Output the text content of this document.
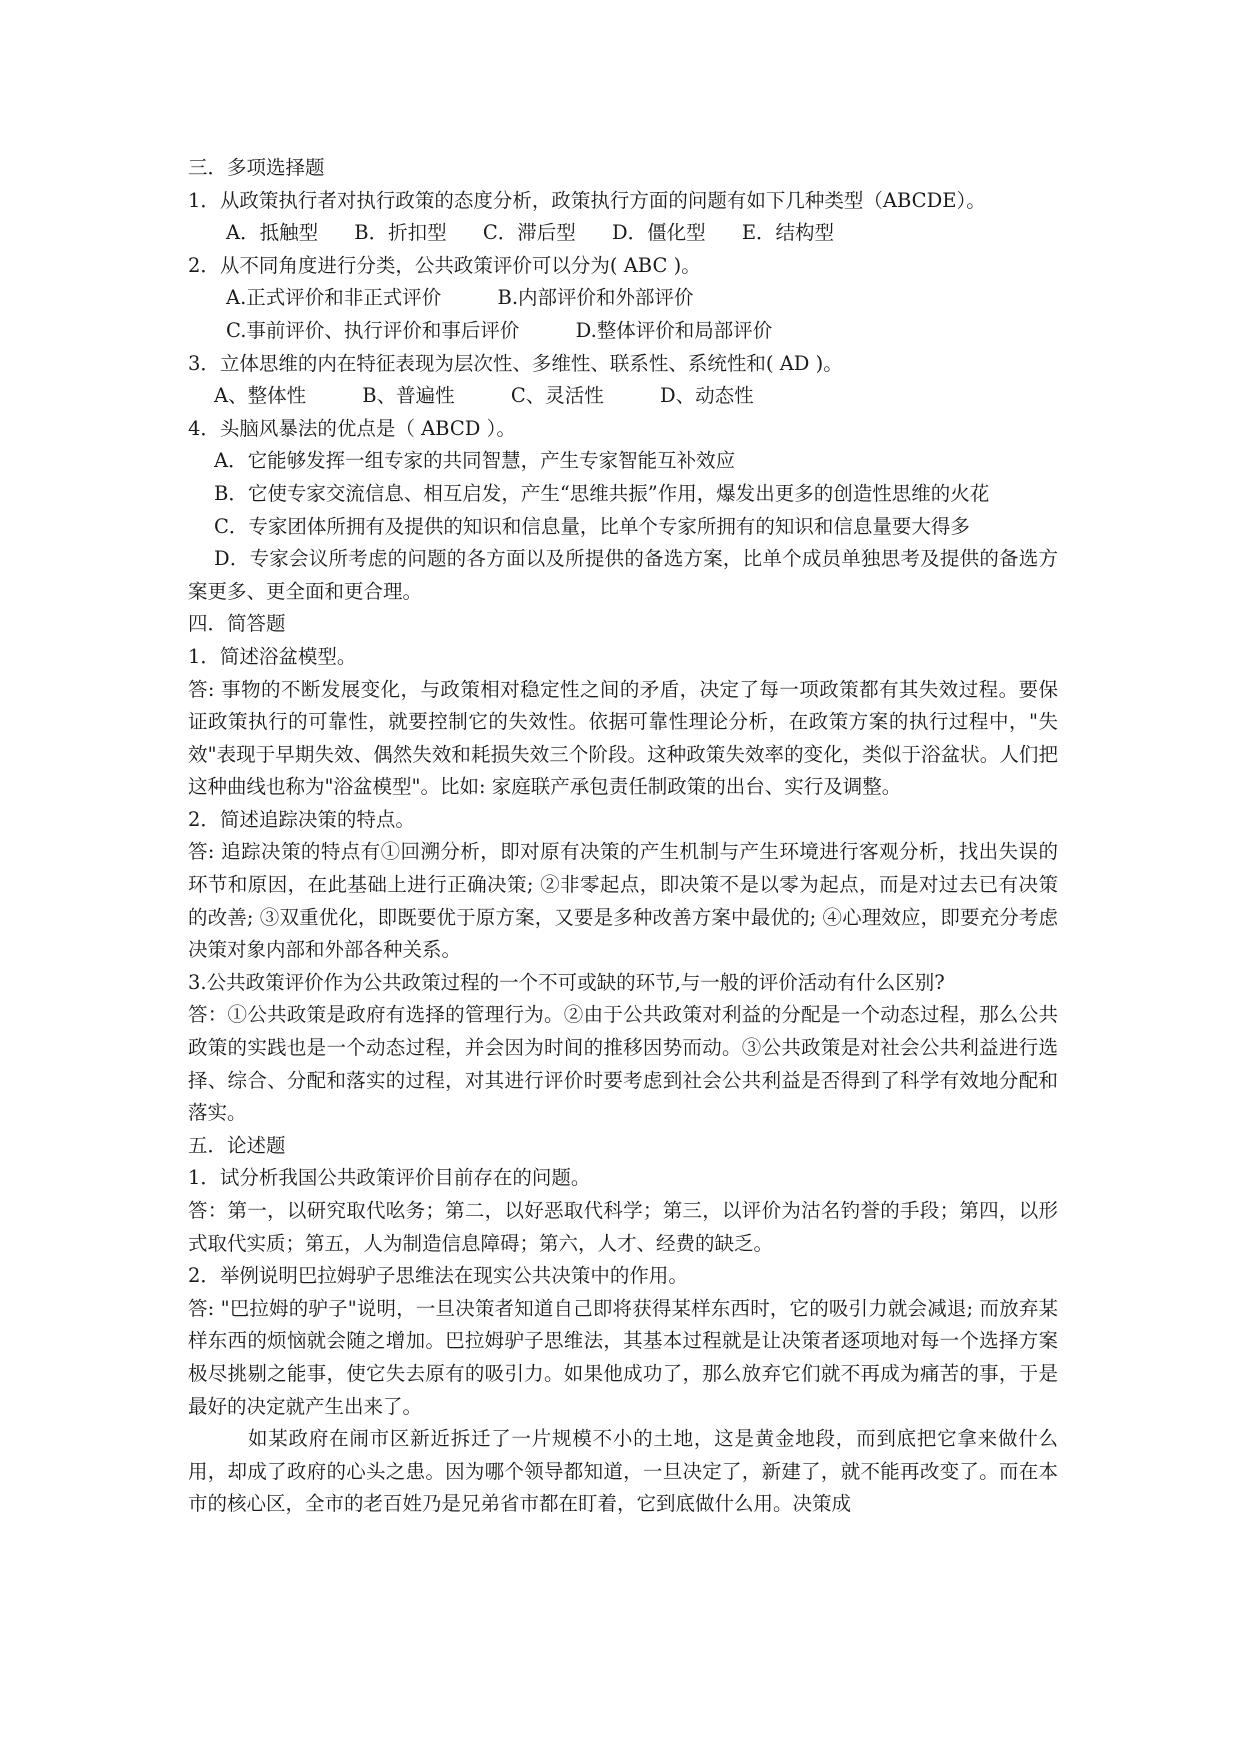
三．多项选择题
1．从政策执行者对执行政策的态度分析，政策执行方面的问题有如下几种类型（ABCDE）。
A．抵触型 B．折扣型 C．滞后型 D．僵化型 E．结构型
2．从不同角度进行分类，公共政策评价可以分为( ABC )。
A.正式评价和非正式评价	B.内部评价和外部评价
C.事前评价、执行评价和事后评价	D.整体评价和局部评价
3．立体思维的内在特征表现为层次性、多维性、联系性、系统性和( AD )。
A、整体性	B、普遍性	C、灵活性	D、动态性
4．头脑风暴法的优点是（ ABCD ）。
A．它能够发挥一组专家的共同智慧，产生专家智能互补效应
B．它使专家交流信息、相互启发，产生“思维共振”作用，爆发出更多的创造性思维的火花
C．专家团体所拥有及提供的知识和信息量，比单个专家所拥有的知识和信息量要大得多
D．专家会议所考虑的问题的各方面以及所提供的备选方案，比单个成员单独思考及提供的备选方案更多、更全面和更合理。
四．简答题
1．简述浴盆模型。
答: 事物的不断发展变化，与政策相对稳定性之间的矛盾，决定了每一项政策都有其失效过程。要保证政策执行的可靠性，就要控制它的失效性。依据可靠性理论分析，在政策方案的执行过程中，"失效"表现于早期失效、偶然失效和耗损失效三个阶段。这种政策失效率的变化，类似于浴盆状。人们把这种曲线也称为"浴盆模型"。比如: 家庭联产承包责任制政策的出台、实行及调整。
2．简述追踪决策的特点。
答: 追踪决策的特点有①回溯分析，即对原有决策的产生机制与产生环境进行客观分析，找出失误的环节和原因，在此基础上进行正确决策; ②非零起点，即决策不是以零为起点，而是对过去已有决策的改善; ③双重优化，即既要优于原方案，又要是多种改善方案中最优的; ④心理效应，即要充分考虑决策对象内部和外部各种关系。
3.公共政策评价作为公共政策过程的一个不可或缺的环节,与一般的评价活动有什么区别?
答：①公共政策是政府有选择的管理行为。②由于公共政策对利益的分配是一个动态过程，那么公共政策的实践也是一个动态过程，并会因为时间的推移因势而动。③公共政策是对社会公共利益进行选择、综合、分配和落实的过程，对其进行评价时要考虑到社会公共利益是否得到了科学有效地分配和落实。
五．论述题
1．试分析我国公共政策评价目前存在的问题。
答：第一，以研究取代吆务；第二，以好恶取代科学；第三，以评价为沽名钓誉的手段；第四，以形式取代实质；第五，人为制造信息障碍；第六，人才、经费的缺乏。
2．举例说明巴拉姆驴子思维法在现实公共决策中的作用。
答: "巴拉姆的驴子"说明，一旦决策者知道自己即将获得某样东西时，它的吸引力就会减退; 而放弃某样东西的烦恼就会随之增加。巴拉姆驴子思维法，其基本过程就是让决策者逐项地对每一个选择方案极尽挑剔之能事，使它失去原有的吸引力。如果他成功了，那么放弃它们就不再成为痛苦的事，于是最好的决定就产生出来了。
如某政府在闹市区新近拆迁了一片规模不小的土地，这是黄金地段，而到底把它拿来做什么用，却成了政府的心头之患。因为哪个领导都知道，一旦决定了，新建了，就不能再改变了。而在本市的核心区，全市的老百姓乃是兄弟省市都在盯着，它到底做什么用。决策成
